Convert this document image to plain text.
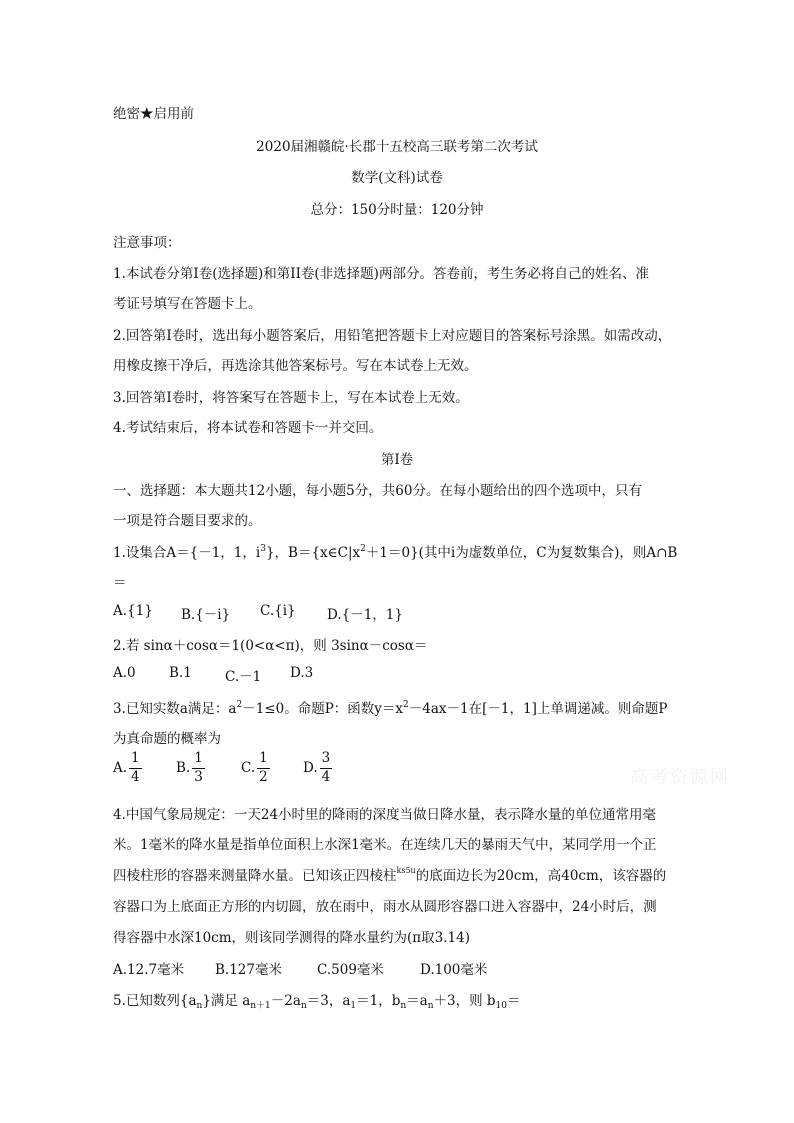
绝密★启用前
2020届湘赣皖·长郡十五校高三联考第二次考试
数学(文科)试卷
总分：150分时量：120分钟
注意事项：
1.本试卷分第I卷(选择题)和第II卷(非选择题)两部分。答卷前，考生务必将自己的姓名、准
考证号填写在答题卡上。
2.回答第I卷时，选出每小题答案后，用铅笔把答题卡上对应题目的答案标号涂黑。如需改动，
用橡皮擦干净后，再选涂其他答案标号。写在本试卷上无效。
3.回答第I卷时，将答案写在答题卡上，写在本试卷上无效。
4.考试结束后，将本试卷和答题卡一并交回。
第I卷
一、选择题：本大题共12小题，每小题5分，共60分。在每小题给出的四个选项中，只有
一项是符合题目要求的。
1.设集合A＝{－1，1，$i^3$}，$B=\{x\in C|x^2+1=0\}$(其中i为虚数单位，C为复数集合)，则A∩B
＝
A.{1} B.{－i} C.{i} D.{－1，1}
2.若 sinα＋cosα＝1(0<α<π)，则 3sinα－cosα＝
A.0 B.1 C.－1 D.3
3.已知实数a满足：$a^2-1\le 0$。命题P：函数$y=x^2-4ax-1$在[－1，1]上单调递减。则命题P
为真命题的概率为
A. $\frac{1}{4}$	B. $\frac{1}{3}$	C. $\frac{1}{2} D$. $\frac{3}{4}$
4.中国气象局规定：一天24小时里的降雨的深度当做日降水量，表示降水量的单位通常用毫
米。1毫米的降水量是指单位面积上水深1毫米。在连续几天的暴雨天气中，某同学用一个正
四棱柱形的容器来测量降水量。已知该正四棱柱$^{ks5u}$的底面边长为20cm，高40cm，该容器的
容器口为上底面正方形的内切圆，放在雨中，雨水从圆形容器口进入容器中，24小时后，测
得容器中水深10cm，则该同学测得的降水量约为(π取3.14)
A.12.7毫米 B.127毫米	C.509毫米	D.100毫米
5.已知数列$\{a_n\}$满足 $a_{n+1}-2a_n=3$，$a_1=1$，$b_n=a_n+3$，则 $b_{10}=$
高考资源网
